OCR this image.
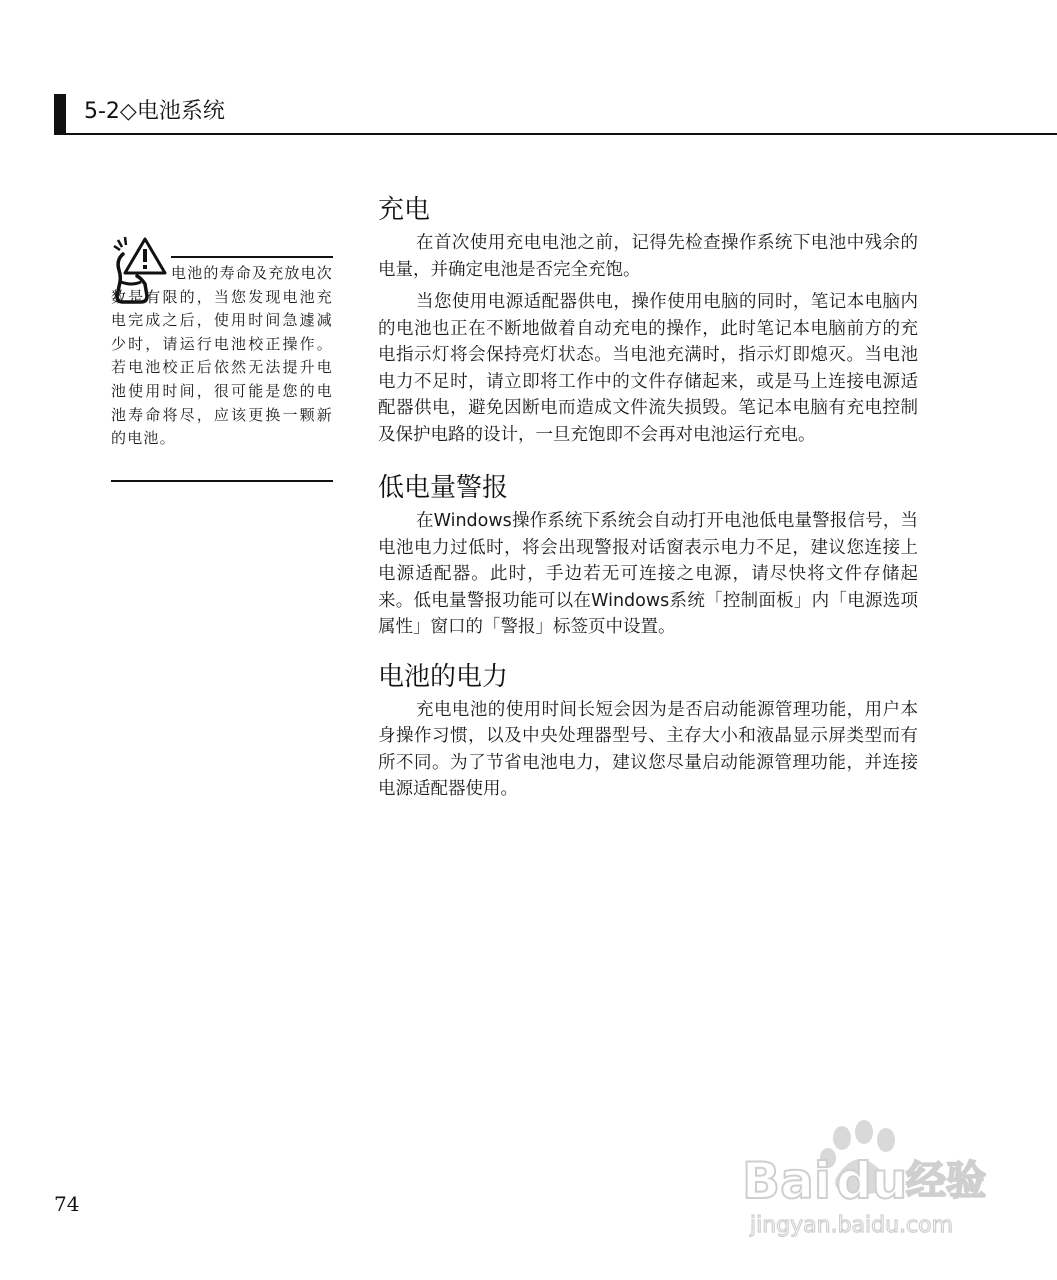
5-2◇电池系统

电池的寿命及充放电次数是有限的，当您发现电池充电完成之后，使用时间急遽减少时，请运行电池校正操作。若电池校正后依然无法提升电池使用时间，很可能是您的电池寿命将尽，应该更换一颗新的电池。

充电

在首次使用充电电池之前，记得先检查操作系统下电池中残余的电量，并确定电池是否完全充饱。

当您使用电源适配器供电，操作使用电脑的同时，笔记本电脑内的电池也正在不断地做着自动充电的操作，此时笔记本电脑前方的充电指示灯将会保持亮灯状态。当电池充满时，指示灯即熄灭。当电池电力不足时，请立即将工作中的文件存储起来，或是马上连接电源适配器供电，避免因断电而造成文件流失损毁。笔记本电脑有充电控制及保护电路的设计，一旦充饱即不会再对电池运行充电。

低电量警报

在Windows操作系统下系统会自动打开电池低电量警报信号，当电池电力过低时，将会出现警报对话窗表示电力不足，建议您连接上电源适配器。此时，手边若无可连接之电源，请尽快将文件存储起来。低电量警报功能可以在Windows系统「控制面板」内「电源选项 属性」窗口的「警报」标签页中设置。

电池的电力

充电电池的使用时间长短会因为是否启动能源管理功能，用户本身操作习惯，以及中央处理器型号、主存大小和液晶显示屏类型而有所不同。为了节省电池电力，建议您尽量启动能源管理功能，并连接电源适配器使用。

74	Bai du
经验
jingyan.baidu.com
